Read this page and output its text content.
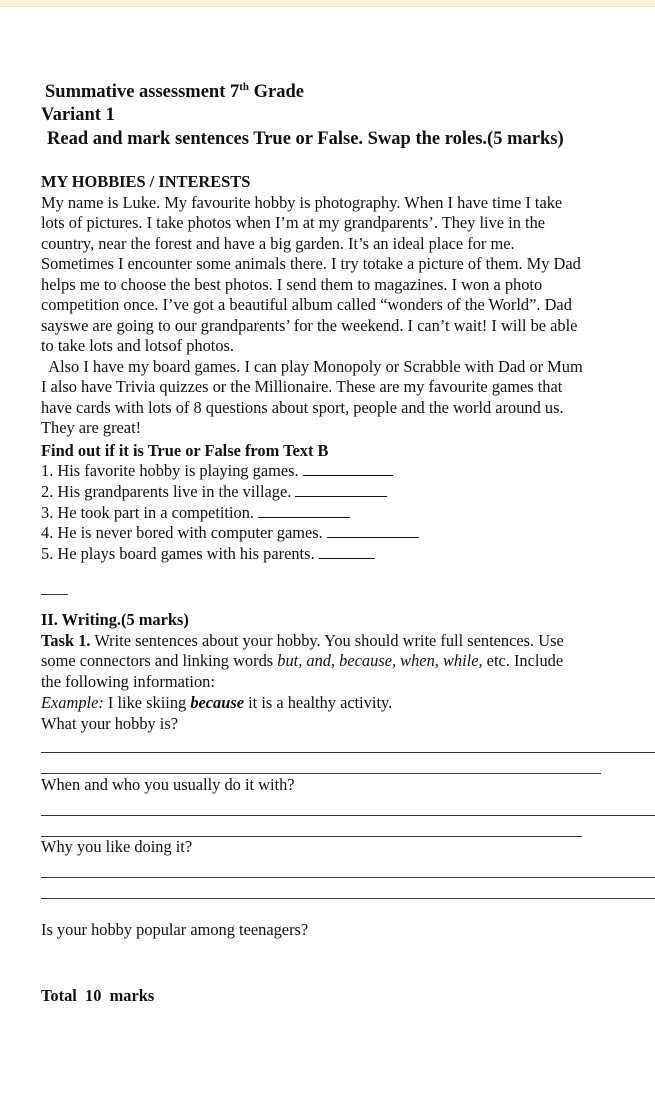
Summative assessment 7th Grade
Variant 1
Read and mark sentences True or False. Swap the roles.(5 marks)
MY HOBBIES / INTERESTS
My name is Luke. My favourite hobby is photography. When I have time I take
lots of pictures. I take photos when I’m at my grandparents’. They live in the
country, near the forest and have a big garden. It’s an ideal place for me.
Sometimes I encounter some animals there. I try totake a picture of them. My Dad
helps me to choose the best photos. I send them to magazines. I won a photo
competition once. I’ve got a beautiful album called “wonders of the World”. Dad
sayswe are going to our grandparents’ for the weekend. I can’t wait! I will be able
to take lots and lotsof photos.
Also I have my board games. I can play Monopoly or Scrabble with Dad or Mum
I also have Trivia quizzes or the Millionaire. These are my favourite games that
have cards with lots of 8 questions about sport, people and the world around us.
They are great!
Find out if it is True or False from Text B
1. His favorite hobby is playing games.
2. His grandparents live in the village.
3. He took part in a competition.
4. He is never bored with computer games.
5. He plays board games with his parents.
II. Writing.(5 marks)
Task 1. Write sentences about your hobby. You should write full sentences. Use
some connectors and linking words but, and, because, when, while, etc. Include
the following information:
Example: I like skiing because it is a healthy activity.
What your hobby is?
When and who you usually do it with?
Why you like doing it?
Is your hobby popular among teenagers?
Total  10  marks
